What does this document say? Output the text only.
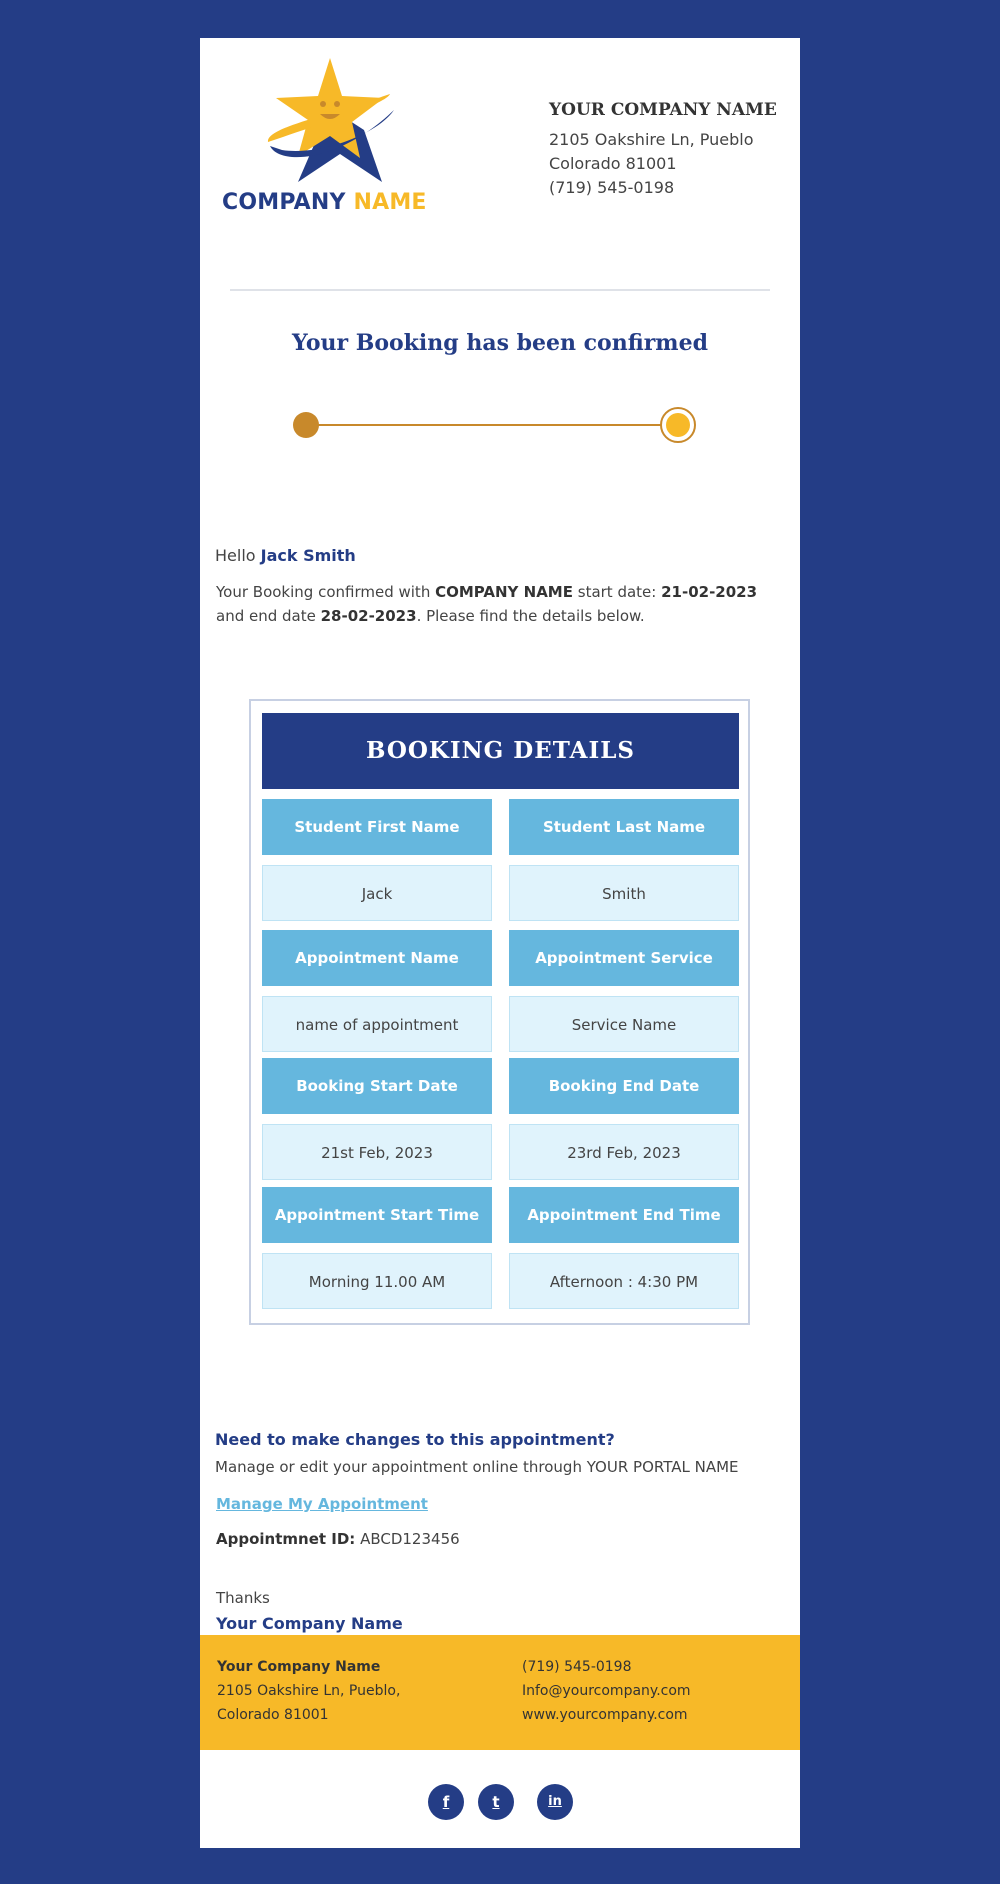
COMPANY NAME
YOUR COMPANY NAME
2105 Oakshire Ln, Pueblo
Colorado 81001
(719) 545-0198
Your Booking has been confirmed
Hello Jack Smith
Your Booking confirmed with COMPANY NAME start date: 21-02-2023 and end date 28-02-2023. Please find the details below.
BOOKING DETAILS
Student First Name	Student Last Name
Jack	Smith
Appointment Name	Appointment Service
name of appointment	Service Name
Booking Start Date	Booking End Date
21st Feb, 2023	23rd Feb, 2023
Appointment Start Time	Appointment End Time
Morning 11.00 AM	Afternoon : 4:30 PM
Need to make changes to this appointment?
Manage or edit your appointment online through YOUR PORTAL NAME
Manage My Appointment
Appointmnet ID: ABCD123456
Thanks
Your Company Name
Your Company Name
2105 Oakshire Ln, Pueblo,
Colorado 81001
(719) 545-0198
Info@yourcompany.com
www.yourcompany.com
f	t	in
